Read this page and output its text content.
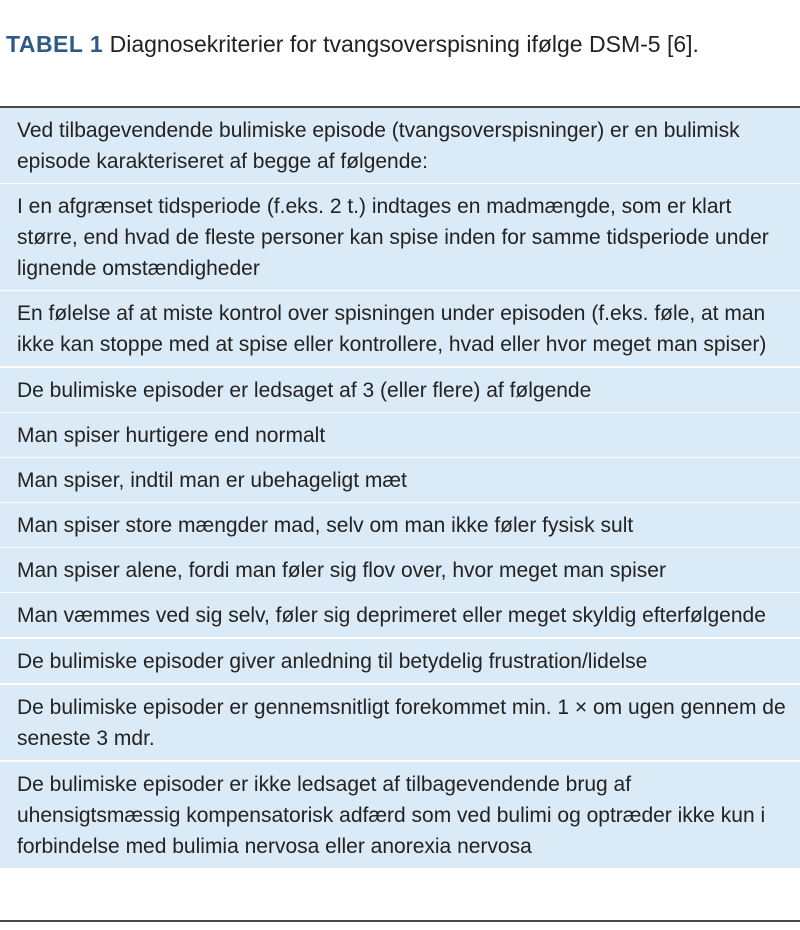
TABEL 1 Diagnosekriterier for tvangsoverspisning ifølge DSM-5 [6].
Ved tilbagevendende bulimiske episode (tvangsoverspisninger) er en bulimisk episode karakteriseret af begge af følgende:
I en afgrænset tidsperiode (f.eks. 2 t.) indtages en madmængde, som er klart større, end hvad de fleste personer kan spise inden for samme tidsperiode under lignende omstændigheder
En følelse af at miste kontrol over spisningen under episoden (f.eks. føle, at man ikke kan stoppe med at spise eller kontrollere, hvad eller hvor meget man spiser)
De bulimiske episoder er ledsaget af 3 (eller flere) af følgende
Man spiser hurtigere end normalt
Man spiser, indtil man er ubehageligt mæt
Man spiser store mængder mad, selv om man ikke føler fysisk sult
Man spiser alene, fordi man føler sig flov over, hvor meget man spiser
Man væmmes ved sig selv, føler sig deprimeret eller meget skyldig efterfølgende
De bulimiske episoder giver anledning til betydelig frustration/lidelse
De bulimiske episoder er gennemsnitligt forekommet min. 1 × om ugen gennem de seneste 3 mdr.
De bulimiske episoder er ikke ledsaget af tilbagevendende brug af uhensigtsmæssig kompensatorisk adfærd som ved bulimi og optræder ikke kun i forbindelse med bulimia nervosa eller anorexia nervosa
